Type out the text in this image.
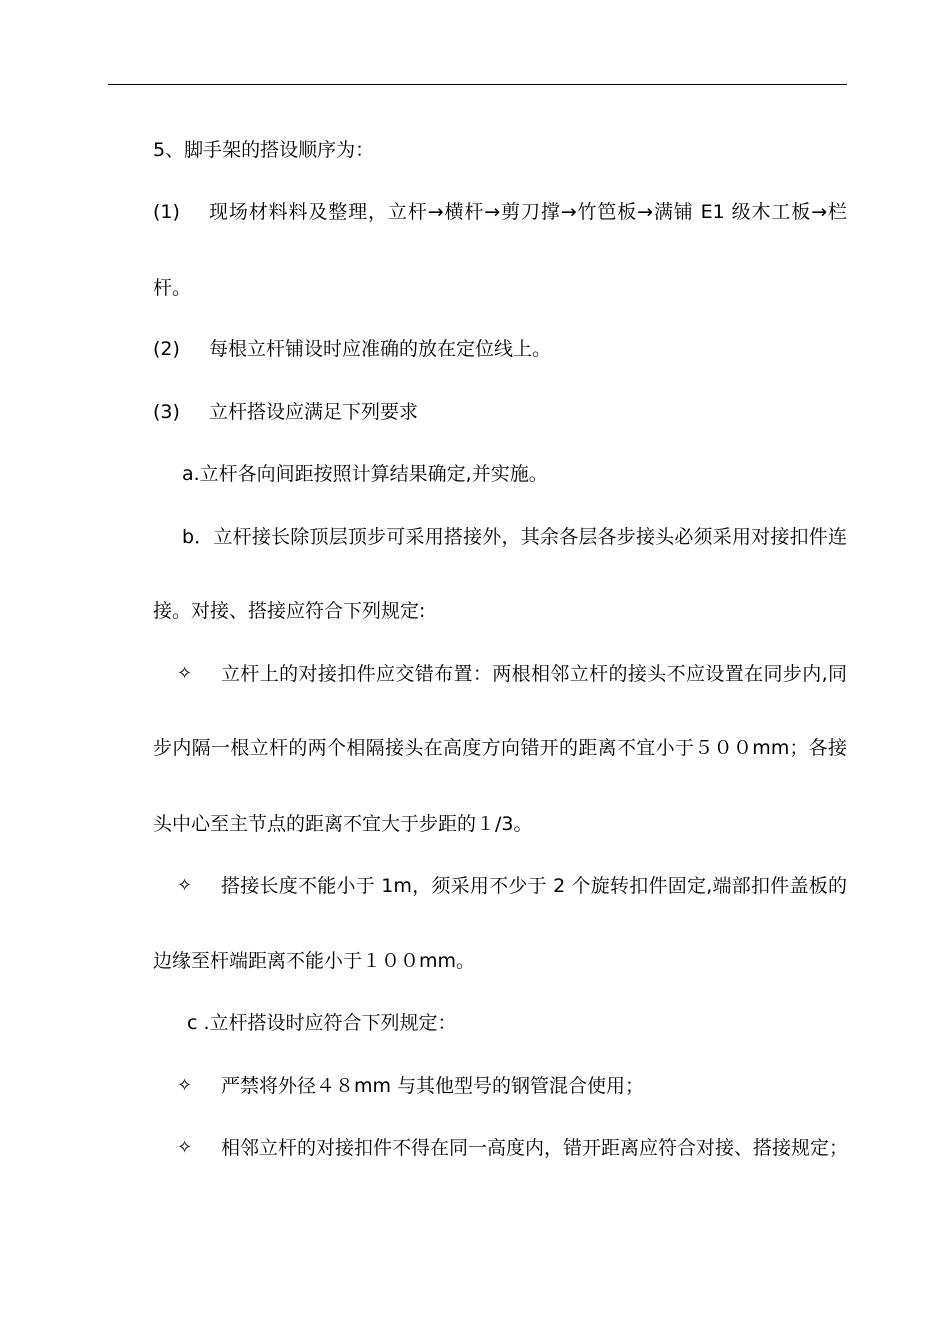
5、脚手架的搭设顺序为：
(1) 现场材料料及整理，立杆→横杆→剪刀撑→竹笆板→满铺 E1 级木工板→栏
杆。
(2) 每根立杆铺设时应准确的放在定位线上。
(3) 立杆搭设应满足下列要求
a.立杆各向间距按照计算结果确定,并实施。
b．立杆接长除顶层顶步可采用搭接外，其余各层各步接头必须采用对接扣件连
接。对接、搭接应符合下列规定:
✧ 立杆上的对接扣件应交错布置：两根相邻立杆的接头不应设置在同步内,同
步内隔一根立杆的两个相隔接头在高度方向错开的距离不宜小于５００mm；各接
头中心至主节点的距离不宜大于步距的１/3。
✧ 搭接长度不能小于 1m，须采用不少于 2 个旋转扣件固定,端部扣件盖板的
边缘至杆端距离不能小于１００mm。
c .立杆搭设时应符合下列规定：
✧ 严禁将外径４８mm 与其他型号的钢管混合使用；
✧ 相邻立杆的对接扣件不得在同一高度内，错开距离应符合对接、搭接规定；
